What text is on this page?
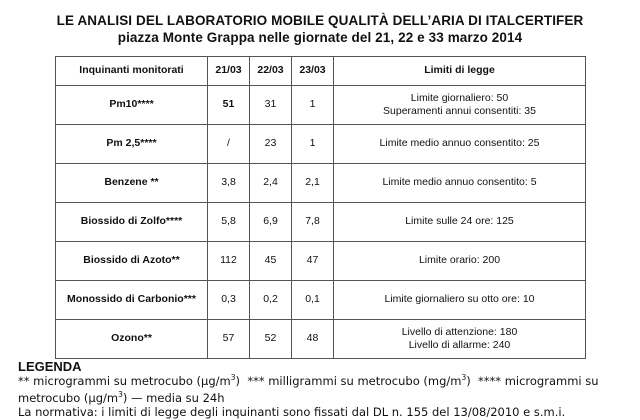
LE ANALISI DEL LABORATORIO MOBILE QUALITÀ DELL’ARIA DI ITALCERTIFER
piazza Monte Grappa nelle giornate del 21, 22 e 33 marzo 2014
Inquinanti monitorati	21/03	22/03	23/03	Limiti di legge
Pm10****	51	31	1	Limite giornaliero: 50
Superamenti annui consentiti: 35

Pm 2,5****	/	23	1	Limite medio annuo consentito: 25
Benzene **	3,8	2,4	2,1	Limite medio annuo consentito: 5
Biossido di Zolfo****	5,8	6,9	7,8	Limite sulle 24 ore: 125
Biossido di Azoto**	112	45	47	Limite orario: 200
Monossido di Carbonio***	0,3	0,2	0,1	Limite giornaliero su otto ore: 10
Ozono**	57	52	48	Livello di attenzione: 180
Livello di allarme: 240
LEGENDA
** microgrammi su metrocubo $(\mu g/m^3)$ *** milligrammi su metrocubo $(mg/m^3)$ **** microgrammi su
metrocubo $(\mu g/m^3)$ — media su 24h
La normativa: i limiti di legge degli inquinanti sono fissati dal DL n. 155 del 13/08/2010 e s.m.i.
